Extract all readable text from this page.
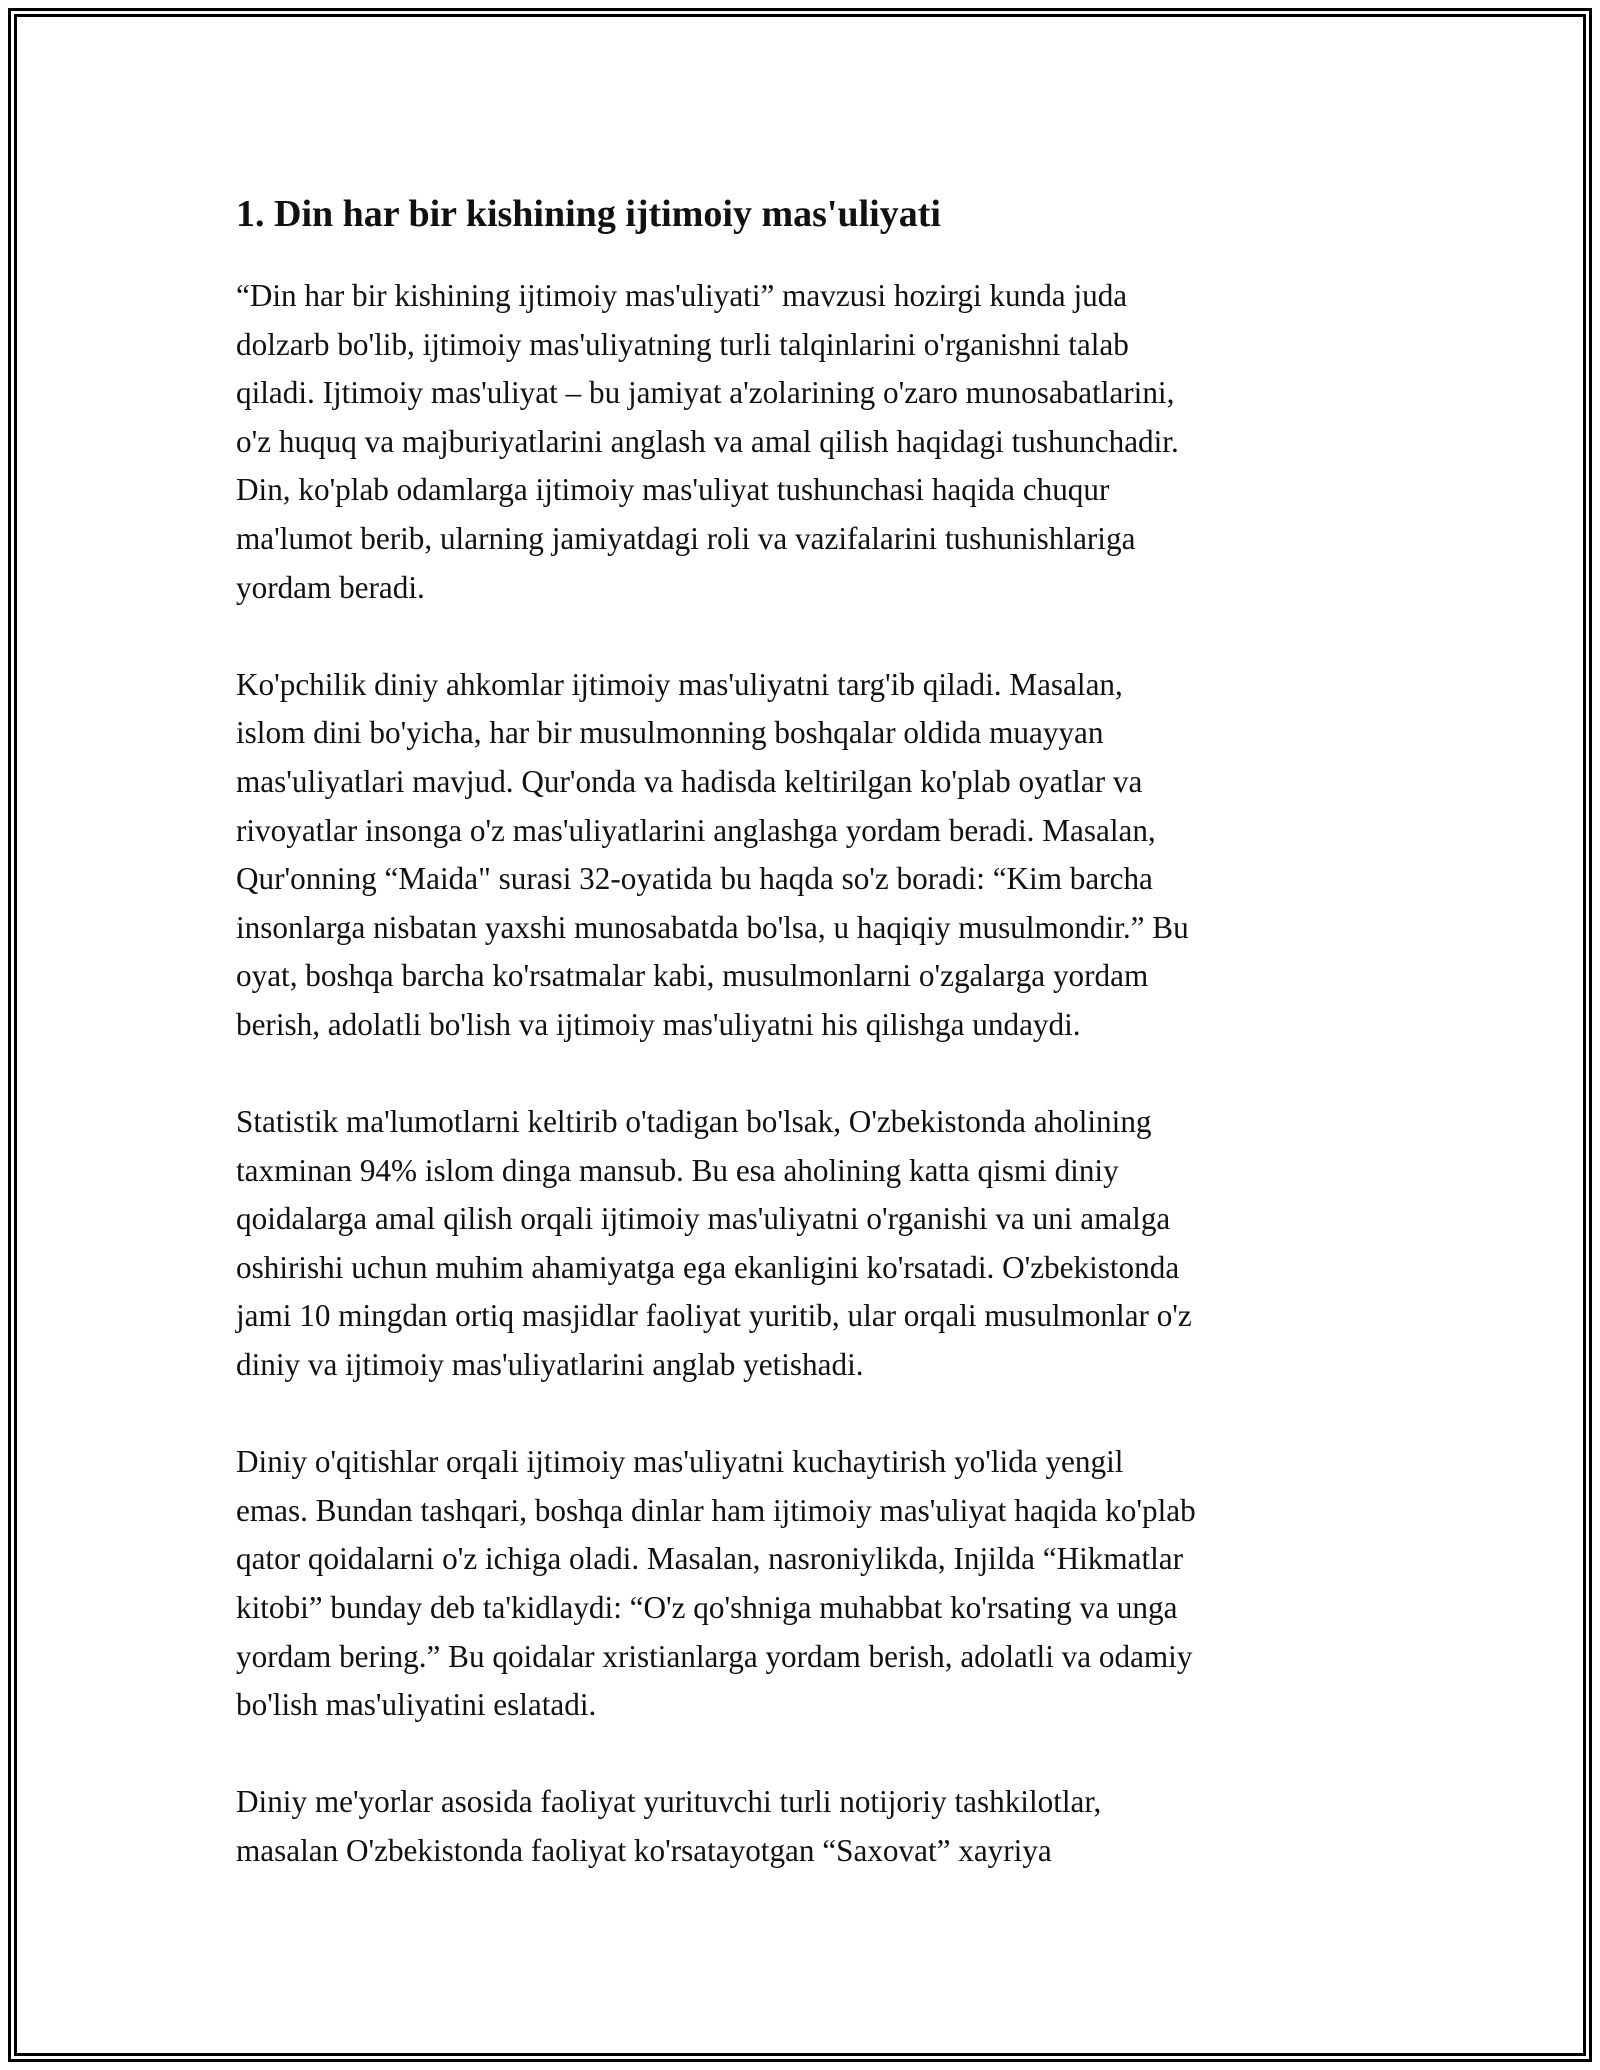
1. Din har bir kishining ijtimoiy mas'uliyati

“Din har bir kishining ijtimoiy mas'uliyati” mavzusi hozirgi kunda juda
dolzarb bo'lib, ijtimoiy mas'uliyatning turli talqinlarini o'rganishni talab
qiladi. Ijtimoiy mas'uliyat – bu jamiyat a'zolarining o'zaro munosabatlarini,
o'z huquq va majburiyatlarini anglash va amal qilish haqidagi tushunchadir.
Din, ko'plab odamlarga ijtimoiy mas'uliyat tushunchasi haqida chuqur
ma'lumot berib, ularning jamiyatdagi roli va vazifalarini tushunishlariga
yordam beradi.

Ko'pchilik diniy ahkomlar ijtimoiy mas'uliyatni targ'ib qiladi. Masalan,
islom dini bo'yicha, har bir musulmonning boshqalar oldida muayyan
mas'uliyatlari mavjud. Qur'onda va hadisda keltirilgan ko'plab oyatlar va
rivoyatlar insonga o'z mas'uliyatlarini anglashga yordam beradi. Masalan,
Qur'onning “Maida" surasi 32-oyatida bu haqda so'z boradi: “Kim barcha
insonlarga nisbatan yaxshi munosabatda bo'lsa, u haqiqiy musulmondir.” Bu
oyat, boshqa barcha ko'rsatmalar kabi, musulmonlarni o'zgalarga yordam
berish, adolatli bo'lish va ijtimoiy mas'uliyatni his qilishga undaydi.

Statistik ma'lumotlarni keltirib o'tadigan bo'lsak, O'zbekistonda aholining
taxminan 94% islom dinga mansub. Bu esa aholining katta qismi diniy
qoidalarga amal qilish orqali ijtimoiy mas'uliyatni o'rganishi va uni amalga
oshirishi uchun muhim ahamiyatga ega ekanligini ko'rsatadi. O'zbekistonda
jami 10 mingdan ortiq masjidlar faoliyat yuritib, ular orqali musulmonlar o'z
diniy va ijtimoiy mas'uliyatlarini anglab yetishadi.

Diniy o'qitishlar orqali ijtimoiy mas'uliyatni kuchaytirish yo'lida yengil
emas. Bundan tashqari, boshqa dinlar ham ijtimoiy mas'uliyat haqida ko'plab
qator qoidalarni o'z ichiga oladi. Masalan, nasroniylikda, Injilda “Hikmatlar
kitobi” bunday deb ta'kidlaydi: “O'z qo'shniga muhabbat ko'rsating va unga
yordam bering.” Bu qoidalar xristianlarga yordam berish, adolatli va odamiy
bo'lish mas'uliyatini eslatadi.

Diniy me'yorlar asosida faoliyat yurituvchi turli notijoriy tashkilotlar,
masalan O'zbekistonda faoliyat ko'rsatayotgan “Saxovat” xayriya
